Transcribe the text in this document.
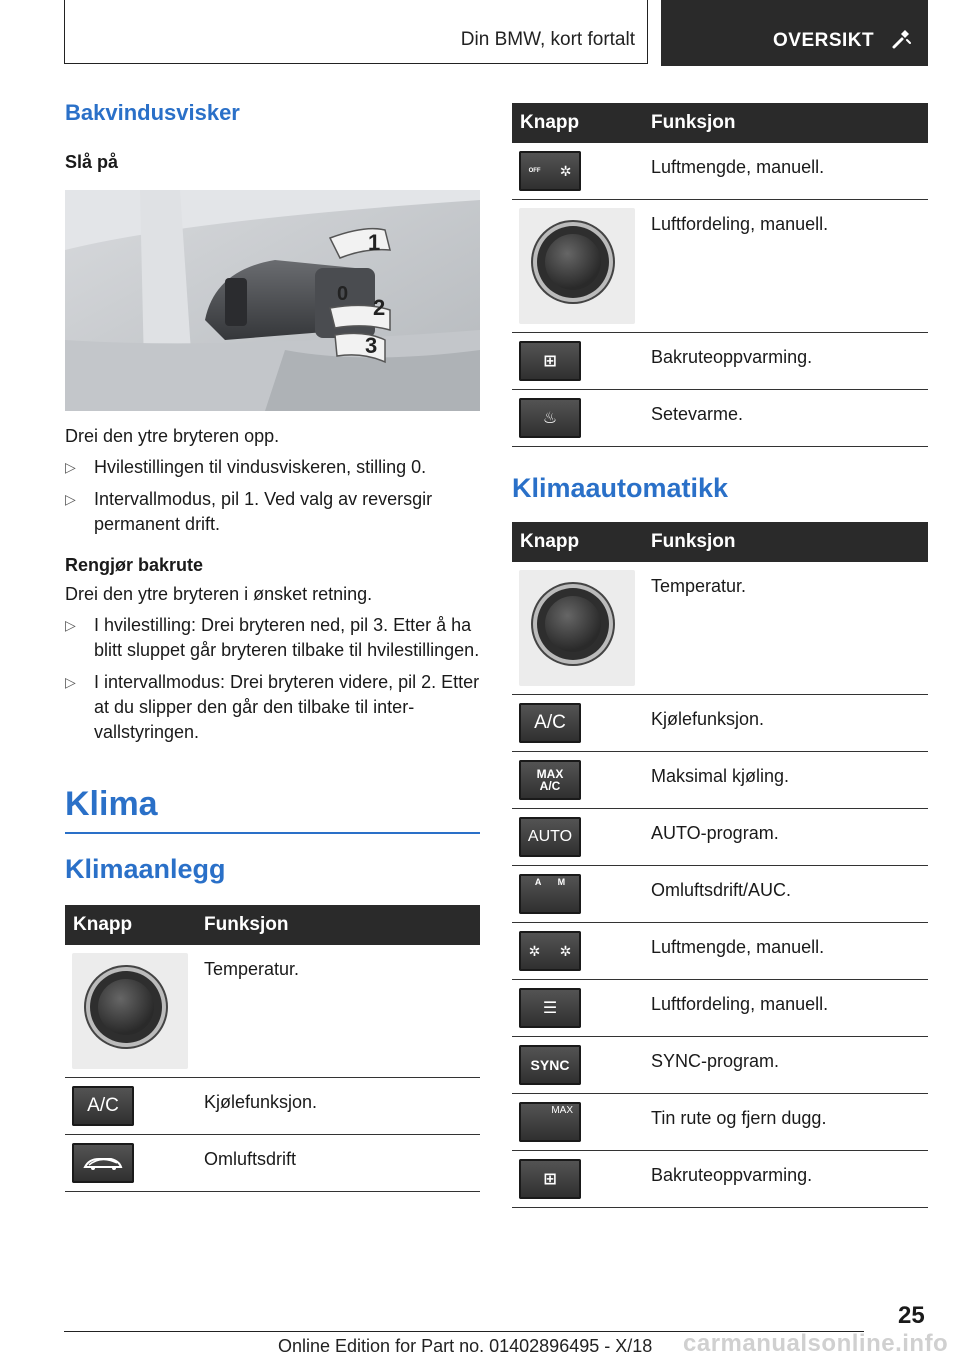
Din BMW, kort fortalt	OVERSIKT
Bakvindusvisker
Slå på
1
0
2
3

Drei den ytre bryteren opp.

▷ Hvilestillingen til vindusviskeren, stilling 0.
▷ Intervallmodus, pil 1. Ved valg av reversgir permanent drift.
Rengjør bakrute

Drei den ytre bryteren i ønsket retning.

▷ I hvilestilling: Drei bryteren ned, pil 3. Etter å ha blitt sluppet går bryteren tilbake til hvilestillingen.
▷ I intervallmodus: Drei bryteren videre, pil 2. Etter at du slipper den går den tilbake til intervallstyringen.
Klima
Klimaanlegg
Knapp	Funksjon

	Temperatur.

A/C	Kjølefunksjon.

	Omluftsdrift
Knapp	Funksjon

OFF ✲	Luftmengde, manuell.

	Luftfordeling, manuell.

⊞	Bakruteoppvarming.

♨	Setevarme.
Klimaautomatikk
Knapp	Funksjon

	Temperatur.

A/C	Kjølefunksjon.

MAX A/C	Maksimal kjøling.

AUTO	AUTO-program.

A M	Omluftsdrift/AUC.

✲ ✲	Luftmengde, manuell.

☰	Luftfordeling, manuell.

SYNC	SYNC-program.

MAX	Tin rute og fjern dugg.

⊞	Bakruteoppvarming.
25
Online Edition for Part no. 01402896495 - X/18 carmanualsonline.info
